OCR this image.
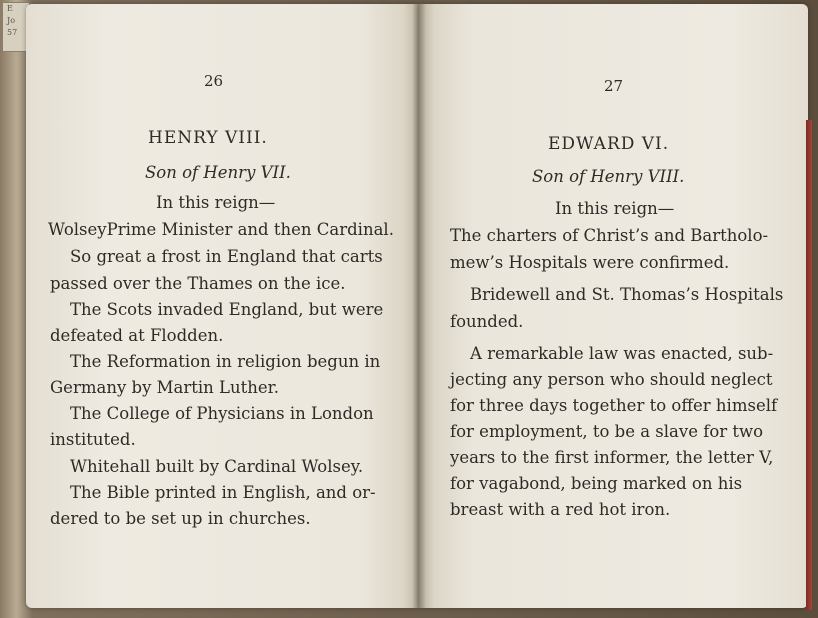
E
Jo
57
26
HENRY VIII.
Son of Henry VII.
In this reign—
WolseyPrime Minister and then Cardinal.
So great a frost in England that carts
passed over the Thames on the ice.
The Scots invaded England, but were
defeated at Flodden.
The Reformation in religion begun in
Germany by Martin Luther.
The College of Physicians in London
instituted.
Whitehall built by Cardinal Wolsey.
The Bible printed in English, and or-
dered to be set up in churches.
27
EDWARD VI.
Son of Henry VIII.
In this reign—
The charters of Christ’s and Bartholo-
mew’s Hospitals were confirmed.
Bridewell and St. Thomas’s Hospitals
founded.
A remarkable law was enacted, sub-
jecting any person who should neglect
for three days together to offer himself
for employment, to be a slave for two
years to the first informer, the letter V,
for vagabond, being marked on his
breast with a red hot iron.
